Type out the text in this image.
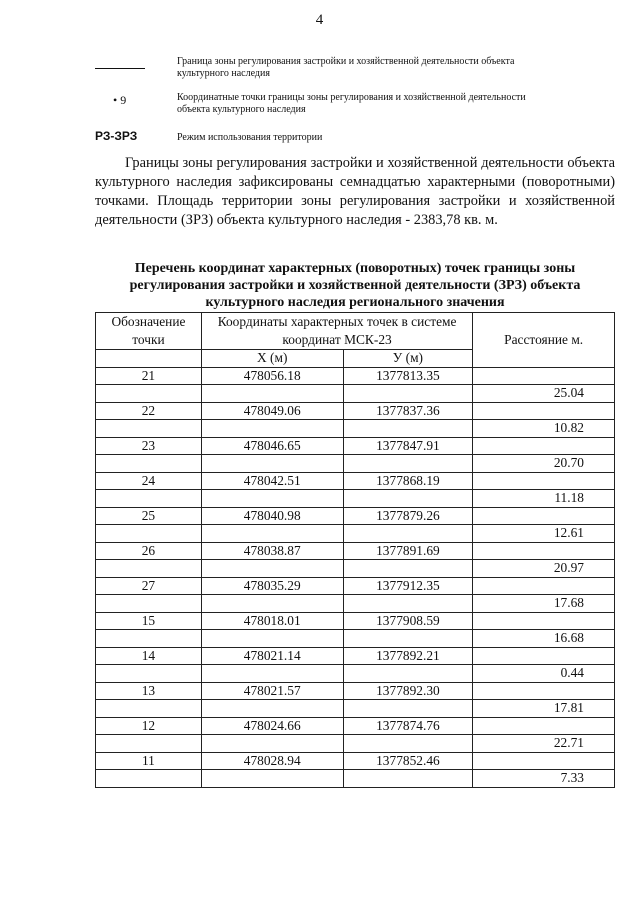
4
Граница зоны регулирования застройки и хозяйственной деятельности объекта культурного наследия
• 9	Координатные точки границы зоны регулирования и хозяйственной деятельности объекта культурного наследия
РЗ-ЗРЗ	Режим использования территории
Границы зоны регулирования застройки и хозяйственной деятельности объекта культурного наследия зафиксированы семнадцатью характерными (поворотными) точками. Площадь территории зоны регулирования застройки и хозяйственной деятельности (ЗРЗ) объекта культурного наследия - 2383,78 кв. м.
Перечень координат характерных (поворотных) точек границы зоны регулирования застройки и хозяйственной деятельности (ЗРЗ) объекта культурного наследия регионального значения
Обозначение точки	Координаты характерных точек в системе координат МСК-23		Расстояние м.

	X (м)	У (м)	
21	478056.18	1377813.35	
			25.04
22	478049.06	1377837.36	
			10.82
23	478046.65	1377847.91	
			20.70
24	478042.51	1377868.19	
			11.18
25	478040.98	1377879.26	
			12.61
26	478038.87	1377891.69	
			20.97
27	478035.29	1377912.35	
			17.68
15	478018.01	1377908.59	
			16.68
14	478021.14	1377892.21	
			0.44
13	478021.57	1377892.30	
			17.81
12	478024.66	1377874.76	
			22.71
11	478028.94	1377852.46	
			7.33
